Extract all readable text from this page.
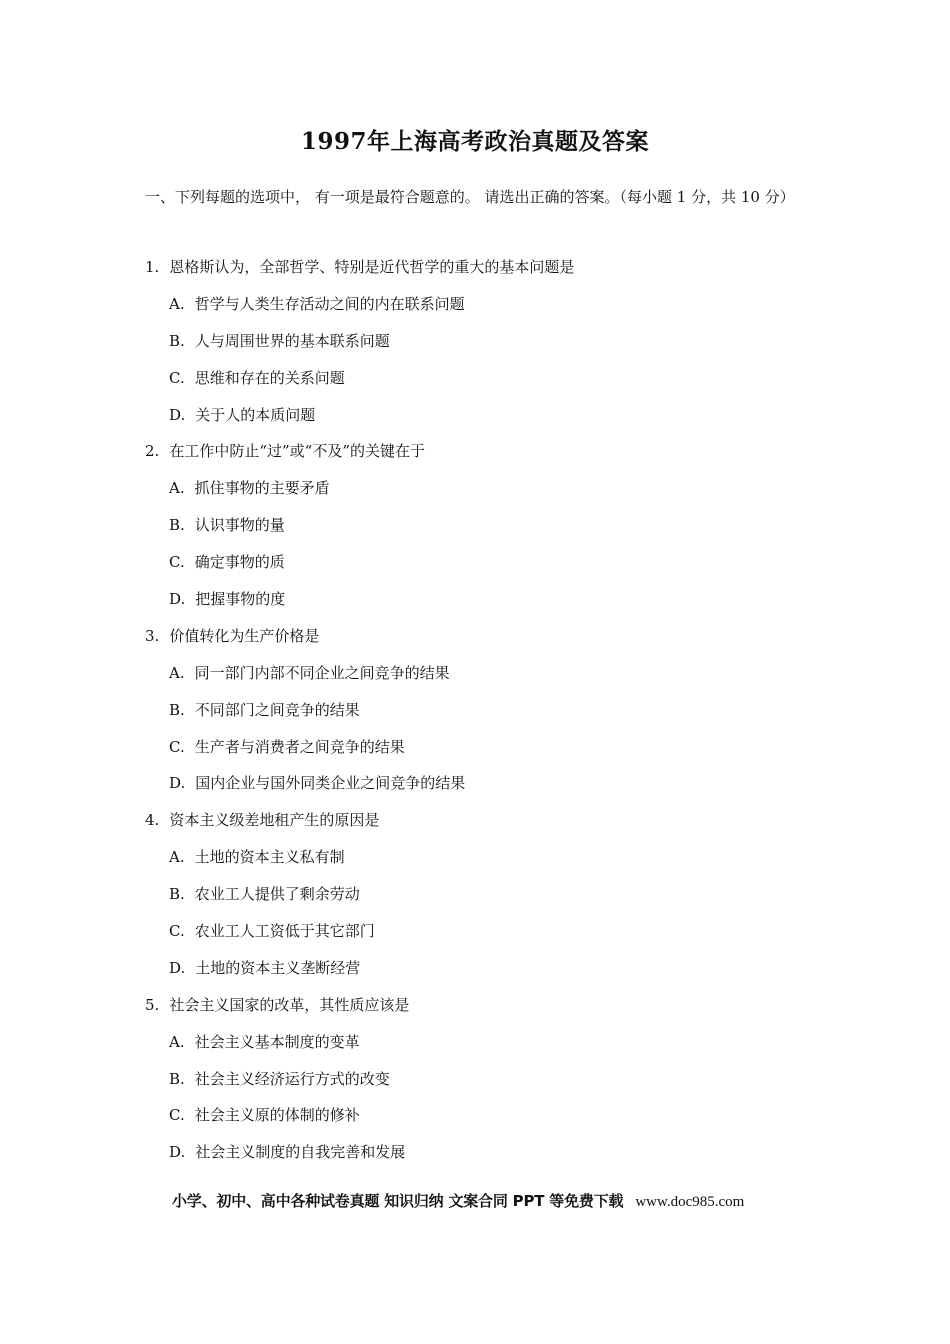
1997年上海高考政治真题及答案
一、下列每题的选项中， 有一项是最符合题意的。 请选出正确的答案。（每小题 1 分，共 10 分）
1. 恩格斯认为，全部哲学、特别是近代哲学的重大的基本问题是
A. 哲学与人类生存活动之间的内在联系问题
B. 人与周围世界的基本联系问题
C. 思维和存在的关系问题
D. 关于人的本质问题
2. 在工作中防止“过”或“不及”的关键在于
A. 抓住事物的主要矛盾
B. 认识事物的量
C. 确定事物的质
D. 把握事物的度
3. 价值转化为生产价格是
A. 同一部门内部不同企业之间竞争的结果
B. 不同部门之间竞争的结果
C. 生产者与消费者之间竞争的结果
D. 国内企业与国外同类企业之间竞争的结果
4. 资本主义级差地租产生的原因是
A. 土地的资本主义私有制
B. 农业工人提供了剩余劳动
C. 农业工人工资低于其它部门
D. 土地的资本主义垄断经营
5. 社会主义国家的改革，其性质应该是
A. 社会主义基本制度的变革
B. 社会主义经济运行方式的改变
C. 社会主义原的体制的修补
D. 社会主义制度的自我完善和发展
小学、初中、高中各种试卷真题 知识归纳 文案合同 PPT 等免费下载 www.doc985.com
